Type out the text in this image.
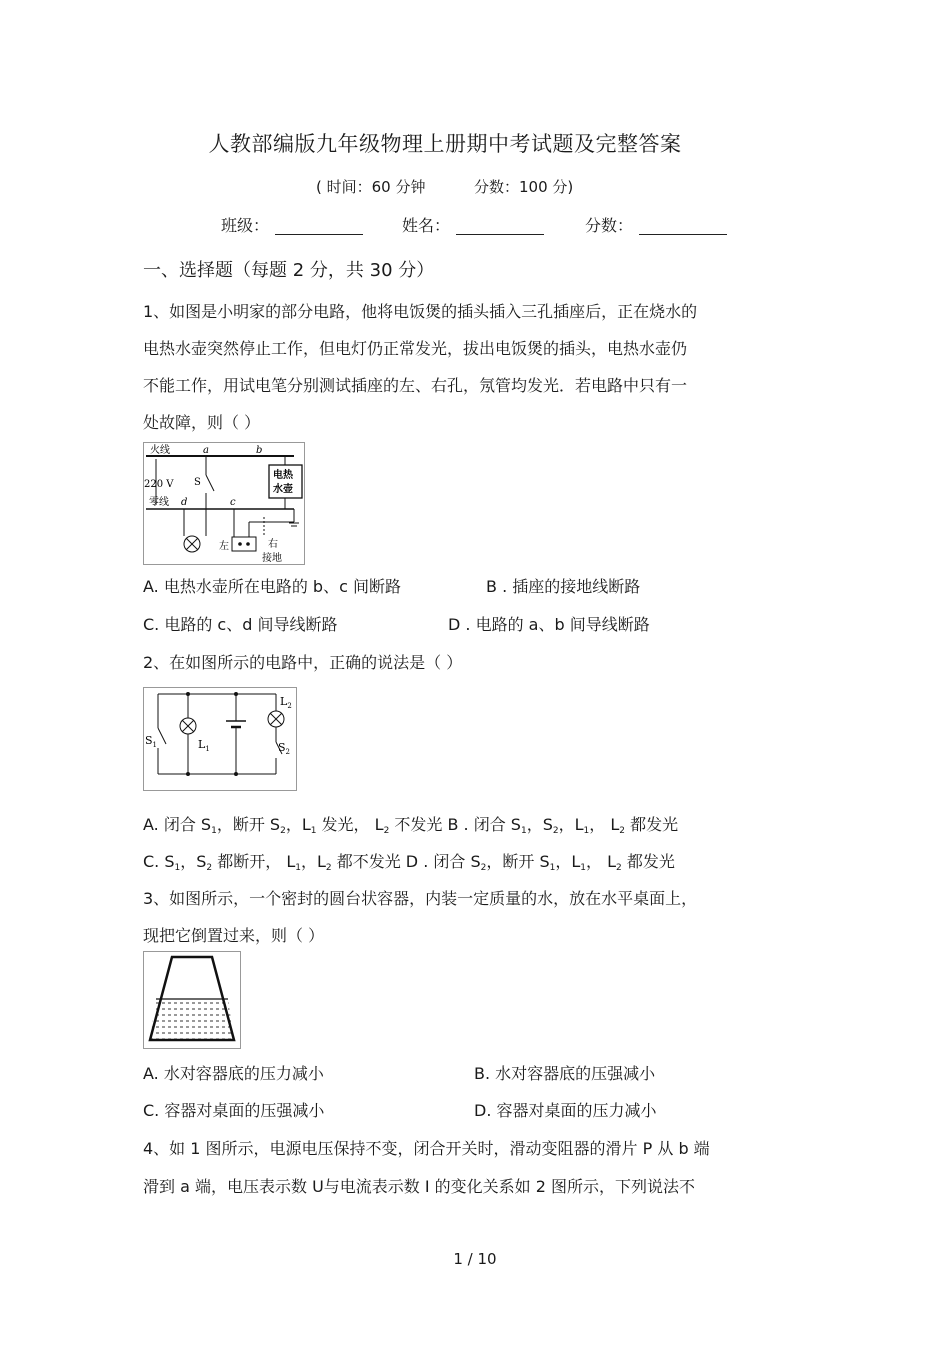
人教部编版九年级物理上册期中考试题及完整答案
( 时间：60 分钟	分数：100 分)
班级：	姓名：	分数：
一、选择题（每题 2 分，共 30 分）
1、如图是小明家的部分电路，他将电饭煲的插头插入三孔插座后，正在烧水的
电热水壶突然停止工作，但电灯仍正常发光，拔出电饭煲的插头，电热水壶仍
不能工作，用试电笔分别测试插座的左、右孔，氖管均发光．若电路中只有一
处故障，则（ ）
火线
零线
220 V
a	b
c
d
S
电热
水壶
左	右
接地
A. 电热水壶所在电路的 b、c 间断路	B . 插座的接地线断路
C. 电路的 c、d 间导线断路	D . 电路的 a、b 间导线断路
2、在如图所示的电路中，正确的说法是（ ）
$S_1$	$L_1$
$L_2$
$S_2$
A. 闭合 $S_1$，断开 $S_2$，$L_1$ 发光， $L_2$ 不发光 B . 闭合 $S_1$，$S_2$，$L_1$， $L_2$ 都发光
C. $S_1$，$S_2$ 都断开， $L_1$，$L_2$ 都不发光 D . 闭合 $S_2$，断开 $S_1$，$L_1$， $L_2$ 都发光
3、如图所示，一个密封的圆台状容器，内装一定质量的水，放在水平桌面上，
现把它倒置过来，则（ ）
A. 水对容器底的压力减小	B. 水对容器底的压强减小
C. 容器对桌面的压强减小	D. 容器对桌面的压力减小
4、如 1 图所示，电源电压保持不变，闭合开关时，滑动变阻器的滑片 P 从 b 端
滑到 a 端，电压表示数 U与电流表示数 I 的变化关系如 2 图所示，下列说法不
1 / 10
